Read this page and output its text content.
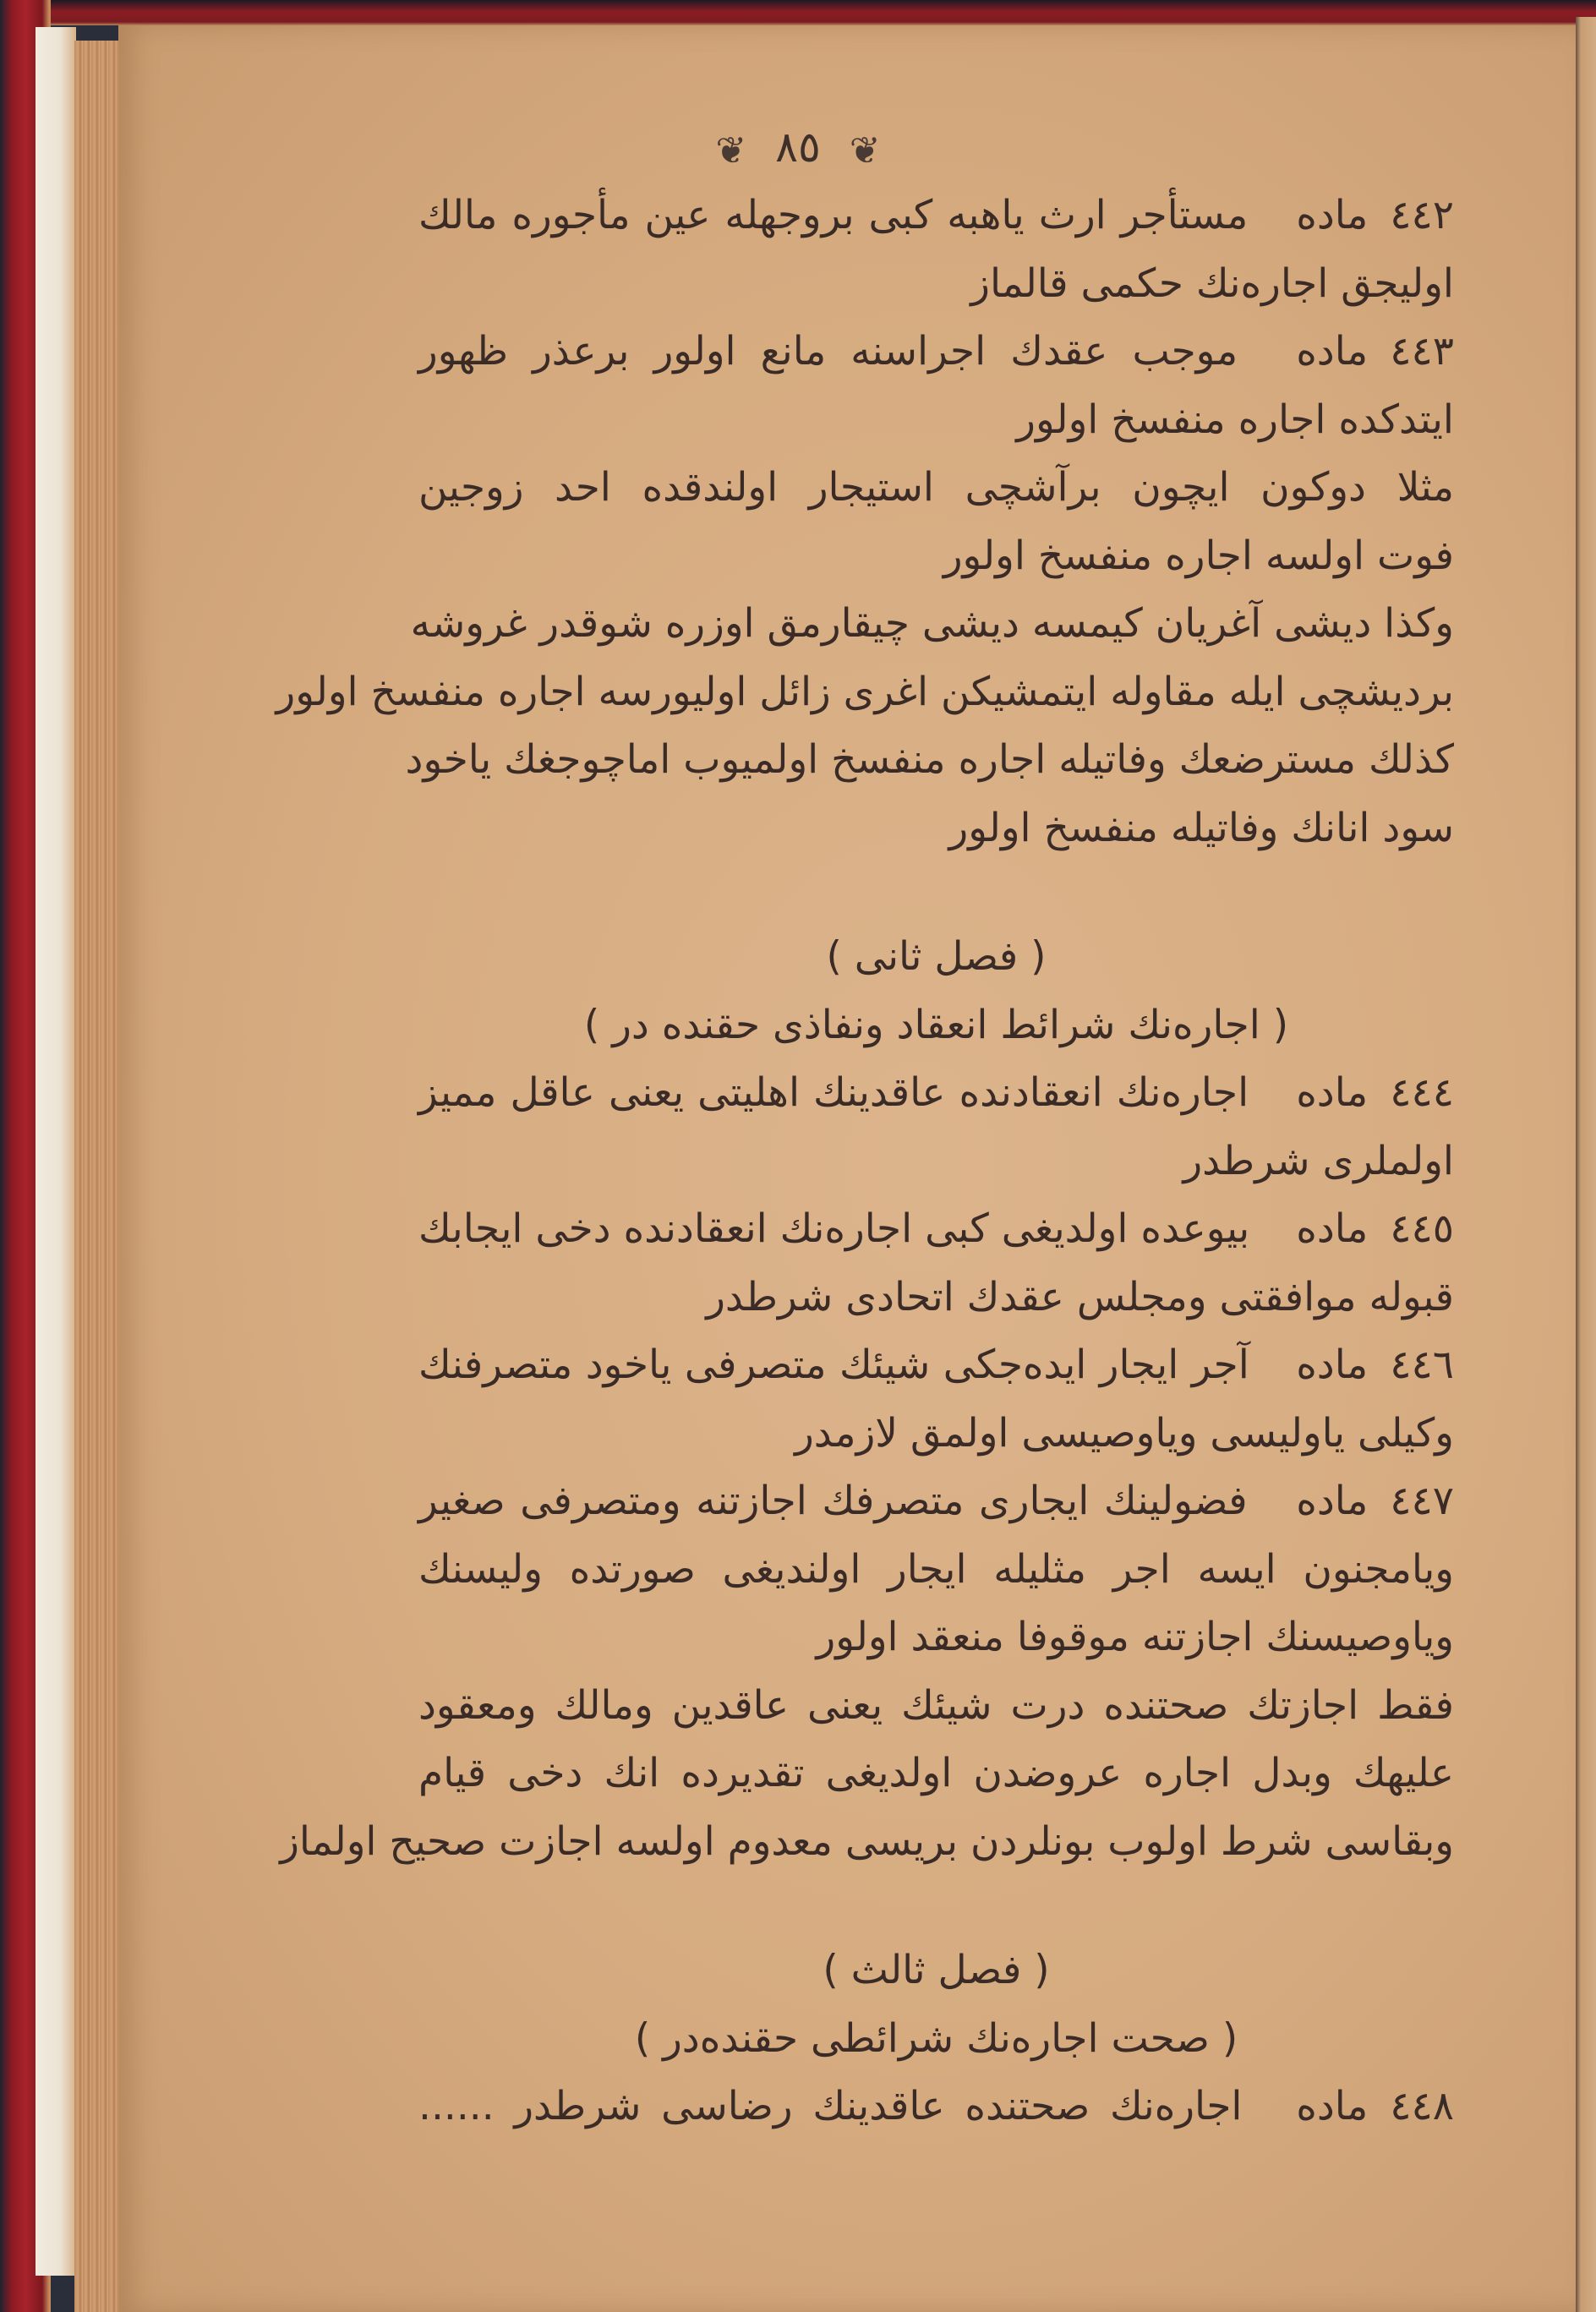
❦ ٨٥ ❦
٤٤٢ماده مستأجر ارث یاهبه کبی بروجهله عین مأجوره مالك
اولیجق اجاره‌نك حکمی قالماز
٤٤٣ماده موجب عقدك اجراسنه مانع اولور برعذر ظهور
ایتدکده اجاره منفسخ اولور
مثلا دوکون ایچون برآشچی استیجار اولندقده احد زوجین
فوت اولسه اجاره منفسخ اولور
وکذا دیشی آغریان کیمسه دیشی چیقارمق اوزره شوقدر غروشه
بردیشچی ایله مقاوله ایتمشیکن اغری زائل اولیورسه اجاره منفسخ اولور
کذلك مسترضعك وفاتیله اجاره منفسخ اولمیوب اماچوجغك یاخود
سود انانك وفاتیله منفسخ اولور
( فصل ثانی )
( اجاره‌نك شرائط انعقاد ونفاذی حقنده در )
٤٤٤ماده اجاره‌نك انعقادنده عاقدینك اهلیتی یعنی عاقل ممیز
اولملری شرطدر
٤٤٥ماده بیوعده اولدیغی کبی اجاره‌نك انعقادنده دخی ایجابك
قبوله موافقتی ومجلس عقدك اتحادی شرطدر
٤٤٦ماده آجر ایجار ایده‌جکی شیئك متصرفی یاخود متصرفنك
وکیلی یاولیسی ویاوصیسی اولمق لازمدر
٤٤٧ماده فضولینك ایجاری متصرفك اجازتنه ومتصرفی صغیر
ویامجنون ایسه اجر مثلیله ایجار اولندیغی صورتده ولیسنك
ویاوصیسنك اجازتنه موقوفا منعقد اولور
فقط اجازتك صحتنده درت شیئك یعنی عاقدین ومالك ومعقود
علیهك وبدل اجاره عروضدن اولدیغی تقدیرده انك دخی قیام
وبقاسی شرط اولوب بونلردن بریسی معدوم اولسه اجازت صحیح اولماز
( فصل ثالث )
( صحت اجاره‌نك شرائطی حقنده‌در )
٤٤٨ماده اجاره‌نك صحتنده عاقدینك رضاسی شرطدر ......
